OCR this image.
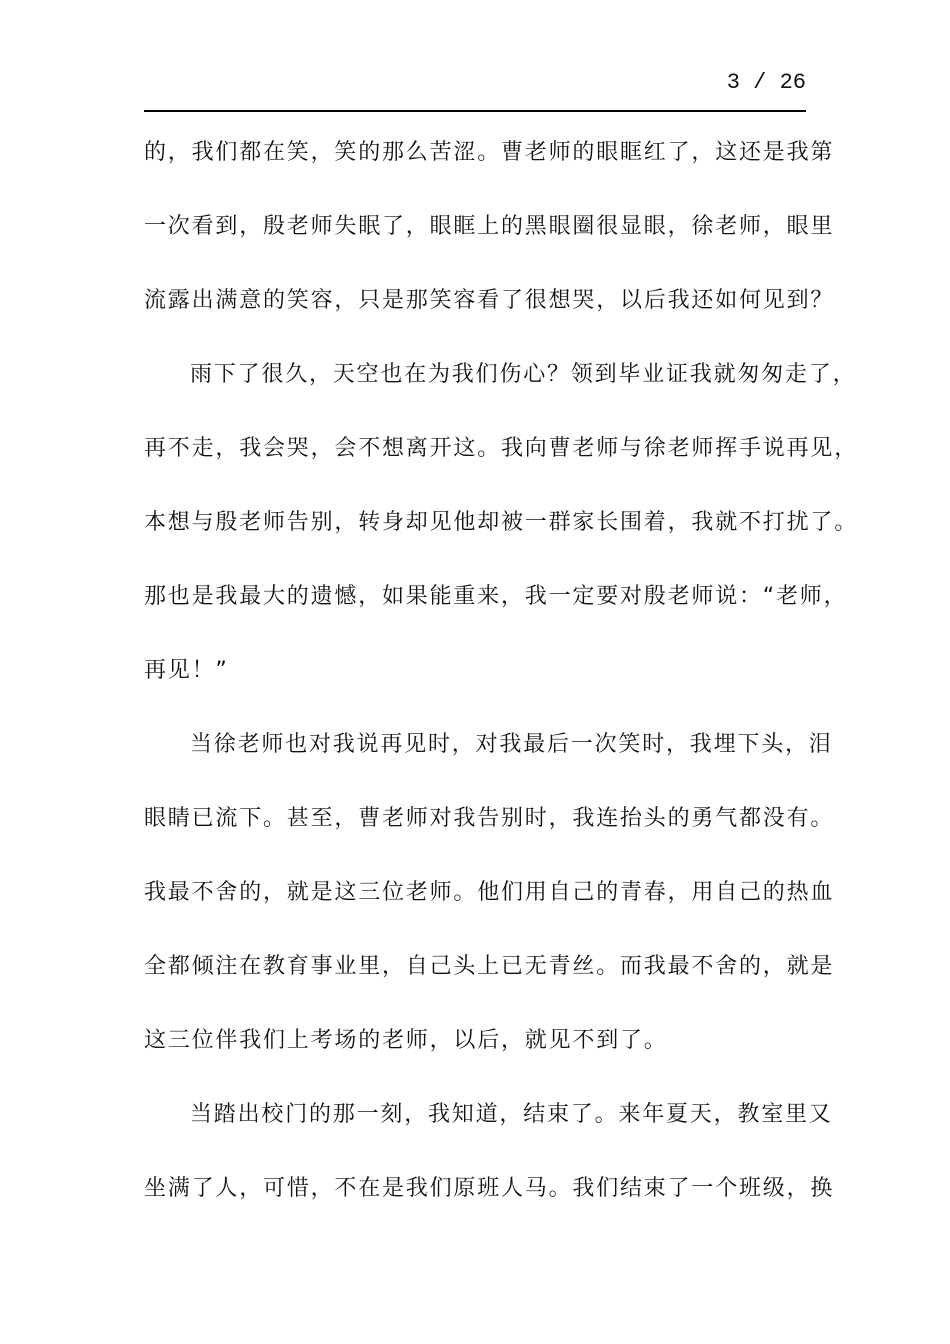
3 / 26
的，我们都在笑，笑的那么苦涩。曹老师的眼眶红了，这还是我第
一次看到，殷老师失眠了，眼眶上的黑眼圈很显眼，徐老师，眼里
流露出满意的笑容，只是那笑容看了很想哭，以后我还如何见到？
雨下了很久，天空也在为我们伤心？领到毕业证我就匆匆走了，
再不走，我会哭，会不想离开这。我向曹老师与徐老师挥手说再见，
本想与殷老师告别，转身却见他却被一群家长围着，我就不打扰了。
那也是我最大的遗憾，如果能重来，我一定要对殷老师说：“老师，
再见！”
当徐老师也对我说再见时，对我最后一次笑时，我埋下头，泪
眼睛已流下。甚至，曹老师对我告别时，我连抬头的勇气都没有。
我最不舍的，就是这三位老师。他们用自己的青春，用自己的热血
全都倾注在教育事业里，自己头上已无青丝。而我最不舍的，就是
这三位伴我们上考场的老师，以后，就见不到了。
当踏出校门的那一刻，我知道，结束了。来年夏天，教室里又
坐满了人，可惜，不在是我们原班人马。我们结束了一个班级，换
